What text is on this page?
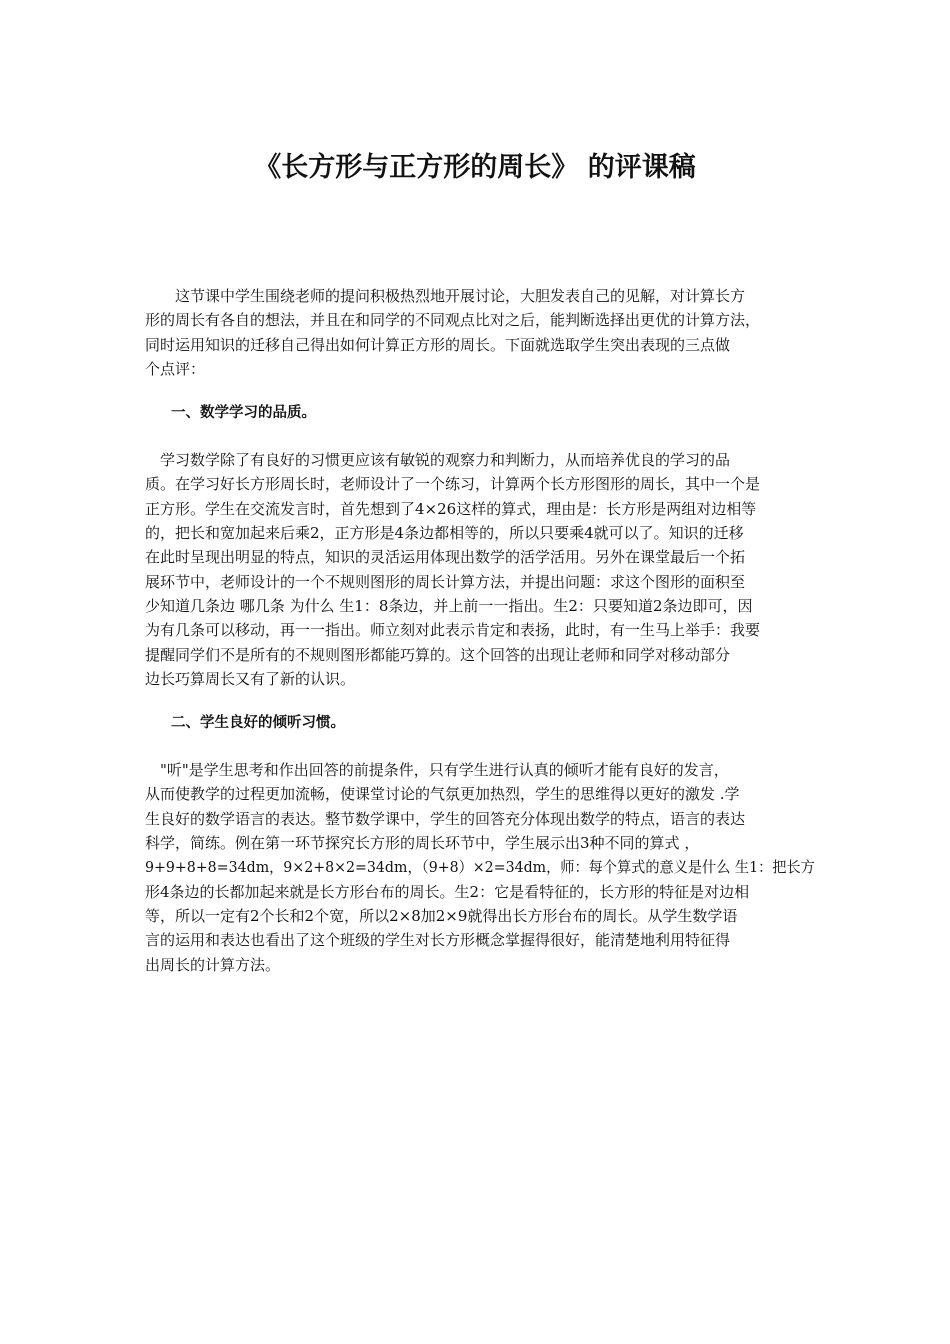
《长方形与正方形的周长》 的评课稿

　　这节课中学生围绕老师的提问积极热烈地开展讨论，大胆发表自己的见解，对计算长方
形的周长有各自的想法，并且在和同学的不同观点比对之后，能判断选择出更优的计算方法，
同时运用知识的迁移自己得出如何计算正方形的周长。下面就选取学生突出表现的三点做
个点评：

一、数学学习的品质。

　学习数学除了有良好的习惯更应该有敏锐的观察力和判断力，从而培养优良的学习的品
质。在学习好长方形周长时，老师设计了一个练习，计算两个长方形图形的周长，其中一个是
正方形。学生在交流发言时，首先想到了4×26这样的算式，理由是：长方形是两组对边相等
的，把长和宽加起来后乘2，正方形是4条边都相等的，所以只要乘4就可以了。知识的迁移
在此时呈现出明显的特点，知识的灵活运用体现出数学的活学活用。另外在课堂最后一个拓
展环节中，老师设计的一个不规则图形的周长计算方法，并提出问题：求这个图形的面积至
少知道几条边 哪几条 为什么 生1：8条边，并上前一一指出。生2：只要知道2条边即可，因
为有几条可以移动，再一一指出。师立刻对此表示肯定和表扬，此时，有一生马上举手：我要
提醒同学们不是所有的不规则图形都能巧算的。这个回答的出现让老师和同学对移动部分
边长巧算周长又有了新的认识。

二、学生良好的倾听习惯。

　"听"是学生思考和作出回答的前提条件，只有学生进行认真的倾听才能有良好的发言，
从而使教学的过程更加流畅，使课堂讨论的气氛更加热烈，学生的思维得以更好的激发 .学
生良好的数学语言的表达。整节数学课中，学生的回答充分体现出数学的特点，语言的表达
科学，简练。例在第一环节探究长方形的周长环节中，学生展示出3种不同的算式 ，
9+9+8+8=34dm，9×2+8×2=34dm，（9+8）×2=34dm，师：每个算式的意义是什么 生1：把长方
形4条边的长都加起来就是长方形台布的周长。生2：它是看特征的，长方形的特征是对边相
等，所以一定有2个长和2个宽，所以2×8加2×9就得出长方形台布的周长。从学生数学语
言的运用和表达也看出了这个班级的学生对长方形概念掌握得很好，能清楚地利用特征得
出周长的计算方法。
